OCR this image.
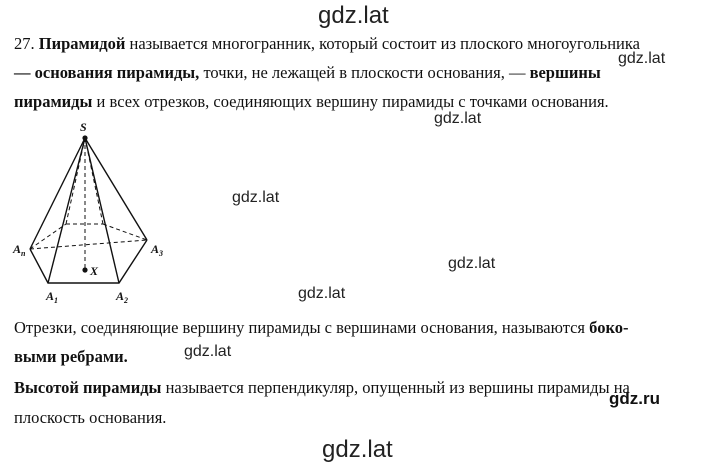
gdz.lat
gdz.lat
gdz.lat
gdz.lat
gdz.lat
gdz.lat
gdz.lat
gdz.ru
gdz.lat
27. Пирамидой называется многогранник, который состоит из плоского многоугольника
— основания пирамиды, точки, не лежащей в плоскости основания, — вершины
пирамиды и всех отрезков, соединяющих вершину пирамиды с точками основания.
S
$A_n$	$A_3$
$A_1$	$A_2$
X
Отрезки, соединяющие вершину пирамиды с вершинами основания, называются боко-
выми ребрами.
Высотой пирамиды называется перпендикуляр, опущенный из вершины пирамиды на
плоскость основания.
